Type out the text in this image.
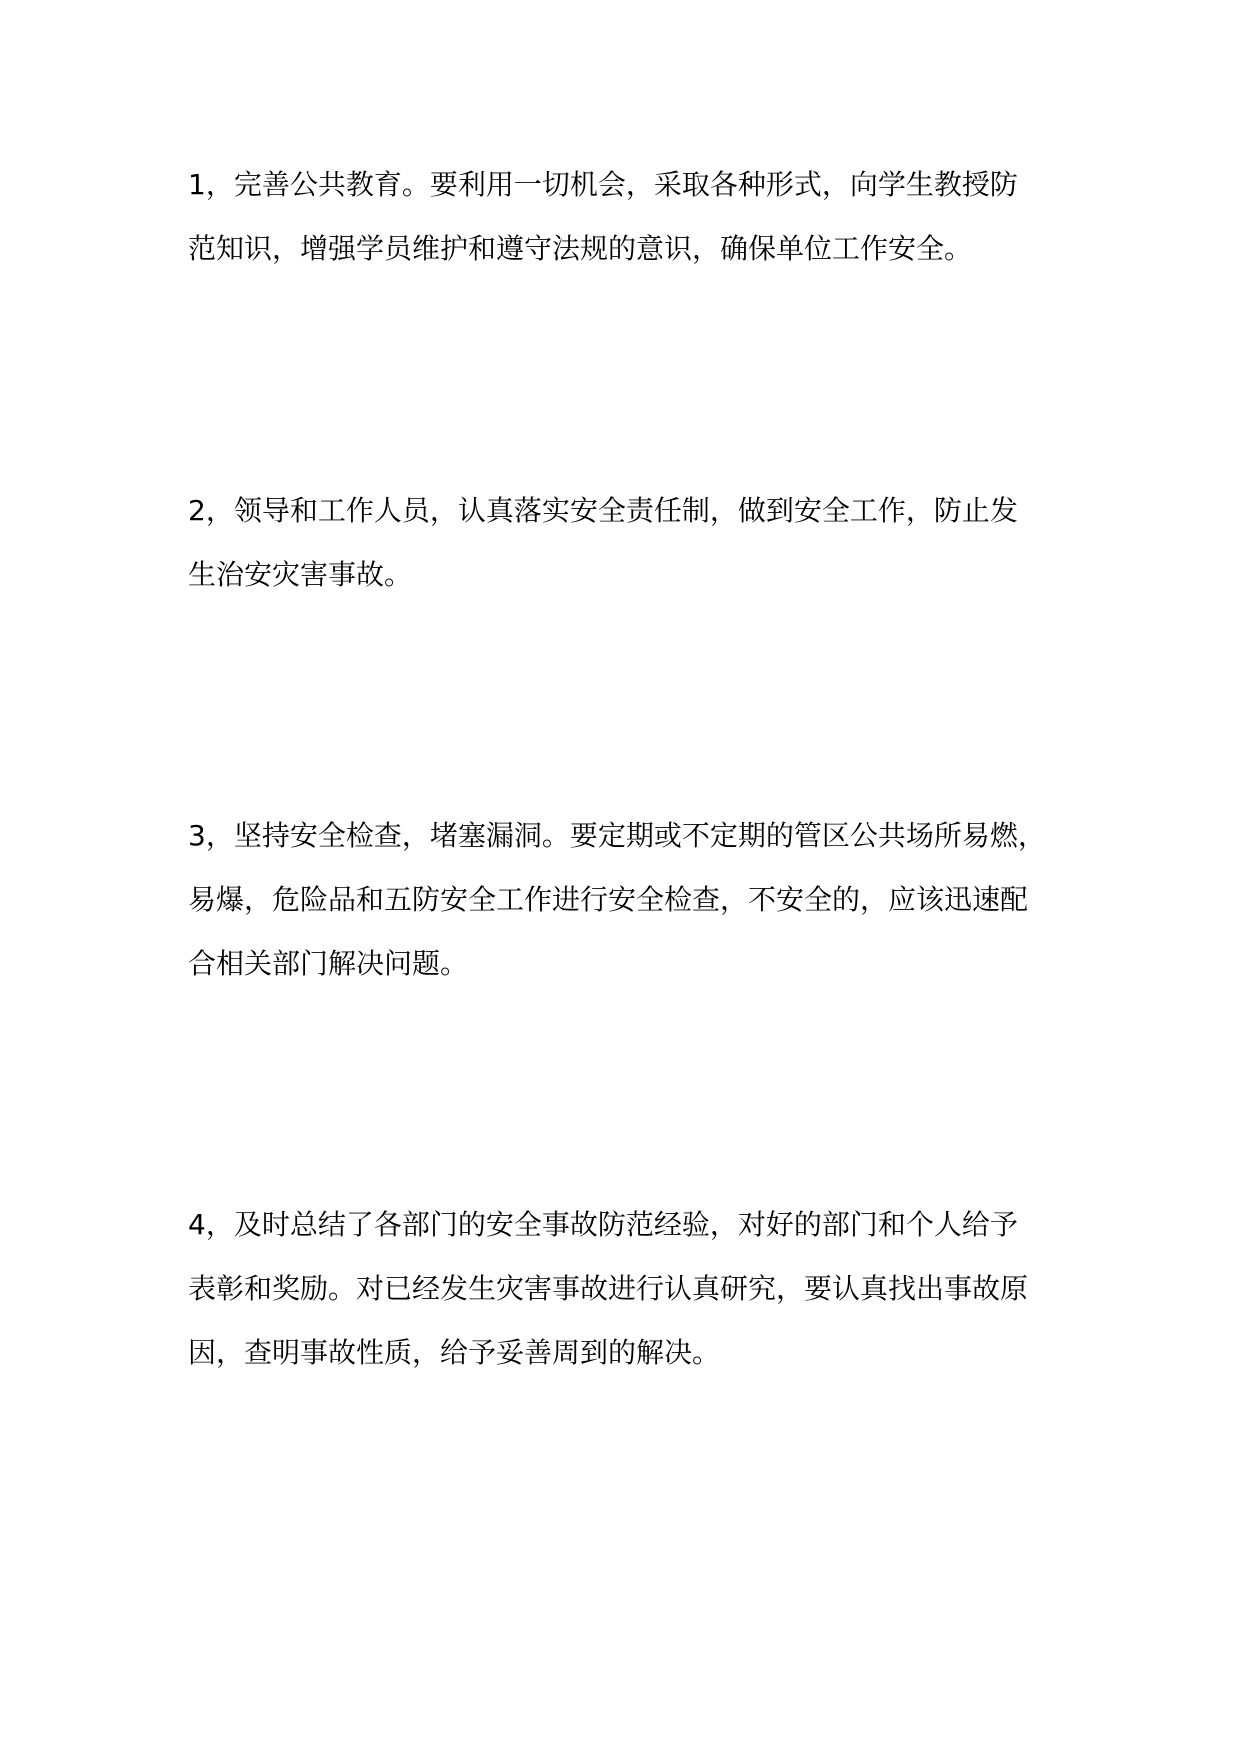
1，完善公共教育。要利用一切机会，采取各种形式，向学生教授防
范知识，增强学员维护和遵守法规的意识，确保单位工作安全。

2，领导和工作人员，认真落实安全责任制，做到安全工作，防止发
生治安灾害事故。

3，坚持安全检查，堵塞漏洞。要定期或不定期的管区公共场所易燃，
易爆，危险品和五防安全工作进行安全检查，不安全的，应该迅速配
合相关部门解决问题。

4，及时总结了各部门的安全事故防范经验，对好的部门和个人给予
表彰和奖励。对已经发生灾害事故进行认真研究，要认真找出事故原
因，查明事故性质，给予妥善周到的解决。
